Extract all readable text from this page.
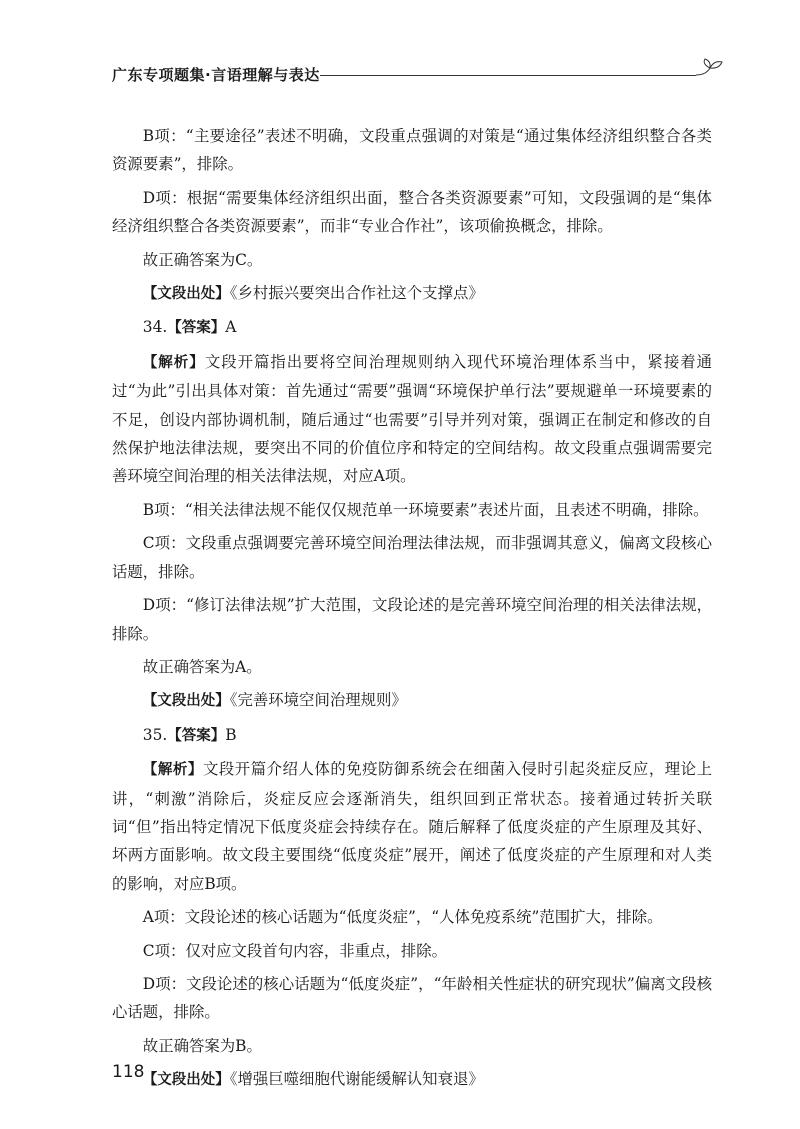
广东专项题集·言语理解与表达

B项：“主要途径”表述不明确，文段重点强调的对策是“通过集体经济组织整合各类资源要素”，排除。

D项：根据“需要集体经济组织出面，整合各类资源要素”可知，文段强调的是“集体经济组织整合各类资源要素”，而非“专业合作社”，该项偷换概念，排除。

故正确答案为C。

【文段出处】《乡村振兴要突出合作社这个支撑点》

34.【答案】A

【解析】文段开篇指出要将空间治理规则纳入现代环境治理体系当中，紧接着通过“为此”引出具体对策：首先通过“需要”强调“环境保护单行法”要规避单一环境要素的不足，创设内部协调机制，随后通过“也需要”引导并列对策，强调正在制定和修改的自然保护地法律法规，要突出不同的价值位序和特定的空间结构。故文段重点强调需要完善环境空间治理的相关法律法规，对应A项。

B项：“相关法律法规不能仅仅规范单一环境要素”表述片面，且表述不明确，排除。

C项：文段重点强调要完善环境空间治理法律法规，而非强调其意义，偏离文段核心话题，排除。

D项：“修订法律法规”扩大范围，文段论述的是完善环境空间治理的相关法律法规，排除。

故正确答案为A。

【文段出处】《完善环境空间治理规则》

35.【答案】B

【解析】文段开篇介绍人体的免疫防御系统会在细菌入侵时引起炎症反应，理论上讲，“刺激”消除后，炎症反应会逐渐消失，组织回到正常状态。接着通过转折关联词“但”指出特定情况下低度炎症会持续存在。随后解释了低度炎症的产生原理及其好、坏两方面影响。故文段主要围绕“低度炎症”展开，阐述了低度炎症的产生原理和对人类的影响，对应B项。

A项：文段论述的核心话题为“低度炎症”，“人体免疫系统”范围扩大，排除。

C项：仅对应文段首句内容，非重点，排除。

D项：文段论述的核心话题为“低度炎症”，“年龄相关性症状的研究现状”偏离文段核心话题，排除。

故正确答案为B。

【文段出处】《增强巨噬细胞代谢能缓解认知衰退》

118
